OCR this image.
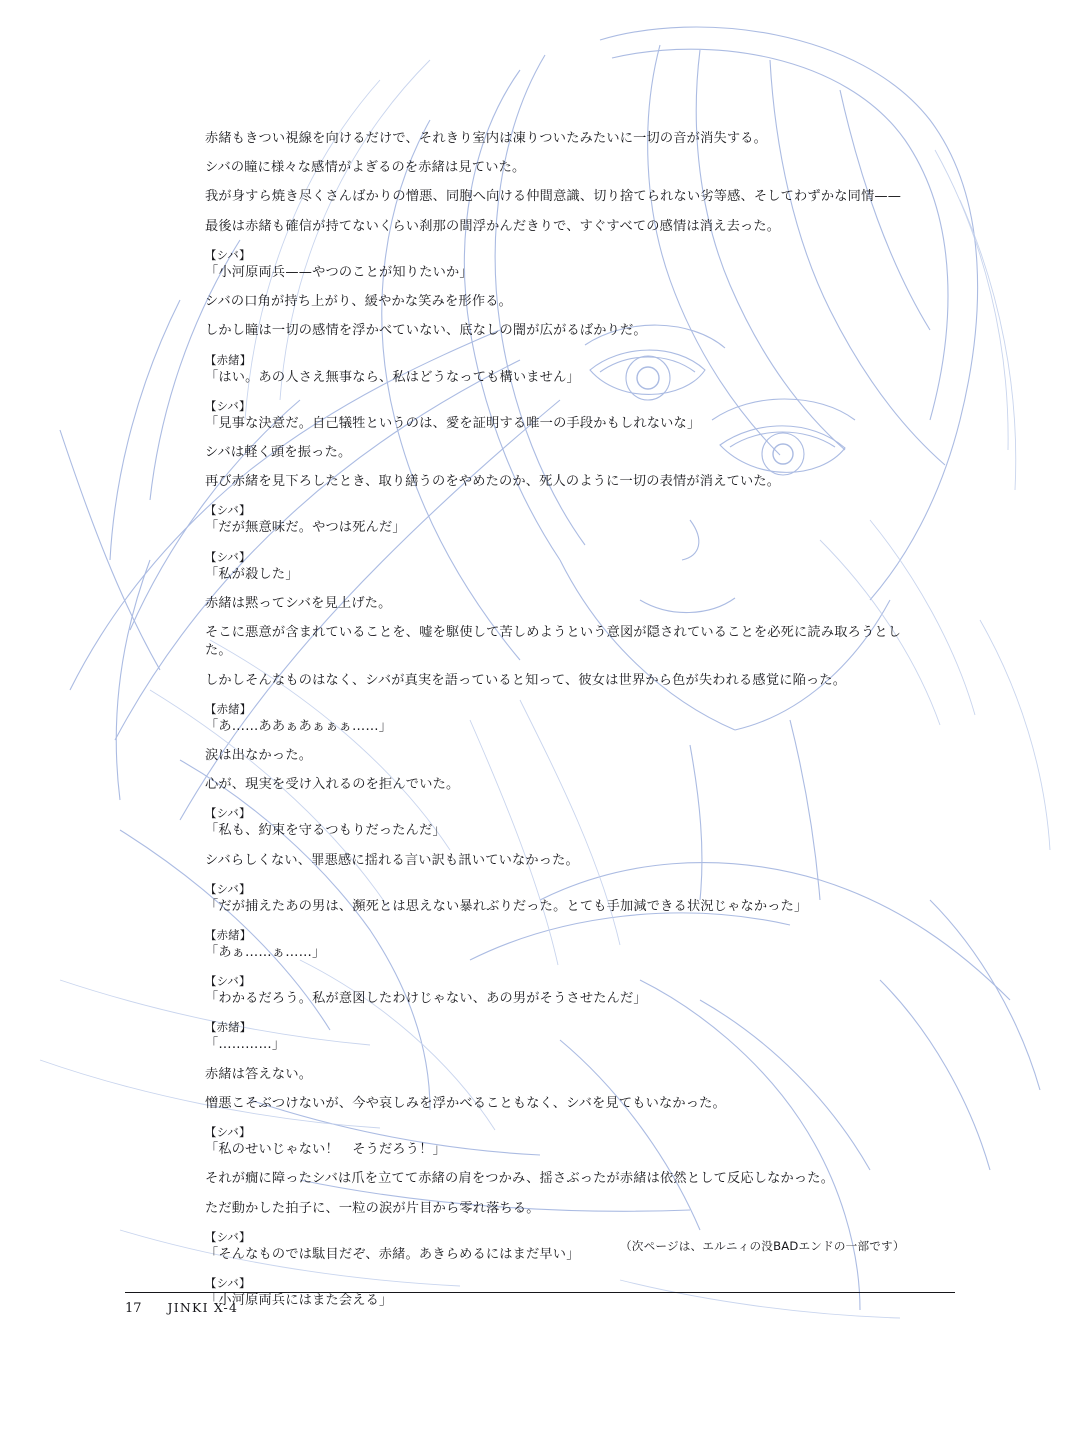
赤緒もきつい視線を向けるだけで、それきり室内は凍りついたみたいに一切の音が消失する。

シバの瞳に様々な感情がよぎるのを赤緒は見ていた。

我が身すら焼き尽くさんばかりの憎悪、同胞へ向ける仲間意識、切り捨てられない劣等感、そしてわずかな同情——

最後は赤緒も確信が持てないくらい刹那の間浮かんだきりで、すぐすべての感情は消え去った。

【シバ】

「小河原両兵——やつのことが知りたいか」

シバの口角が持ち上がり、緩やかな笑みを形作る。

しかし瞳は一切の感情を浮かべていない、底なしの闇が広がるばかりだ。

【赤緒】

「はい。あの人さえ無事なら、私はどうなっても構いません」

【シバ】

「見事な決意だ。自己犠牲というのは、愛を証明する唯一の手段かもしれないな」

シバは軽く頭を振った。

再び赤緒を見下ろしたとき、取り繕うのをやめたのか、死人のように一切の表情が消えていた。

【シバ】

「だが無意味だ。やつは死んだ」

【シバ】

「私が殺した」

赤緒は黙ってシバを見上げた。

そこに悪意が含まれていることを、嘘を駆使して苦しめようという意図が隠されていることを必死に読み取ろうとした。

しかしそんなものはなく、シバが真実を語っていると知って、彼女は世界から色が失われる感覚に陥った。

【赤緒】

「あ……ああぁあぁぁぁ……」

涙は出なかった。

心が、現実を受け入れるのを拒んでいた。

【シバ】

「私も、約束を守るつもりだったんだ」

シバらしくない、罪悪感に揺れる言い訳も訊いていなかった。

【シバ】

「だが捕えたあの男は、瀕死とは思えない暴れぶりだった。とても手加減できる状況じゃなかった」

【赤緒】

「あぁ……ぁ……」

【シバ】

「わかるだろう。私が意図したわけじゃない、あの男がそうさせたんだ」

【赤緒】

「…………」

赤緒は答えない。

憎悪こそぶつけないが、今や哀しみを浮かべることもなく、シバを見てもいなかった。

【シバ】

「私のせいじゃない！　そうだろう！」

それが癇に障ったシバは爪を立てて赤緒の肩をつかみ、揺さぶったが赤緒は依然として反応しなかった。

ただ動かした拍子に、一粒の涙が片目から零れ落ちる。

【シバ】

「そんなものでは駄目だぞ、赤緒。あきらめるにはまだ早い」

【シバ】

「小河原両兵にはまた会える」

（次ページは、エルニィの没BADエンドの一部です）
17 JINKI X-4
